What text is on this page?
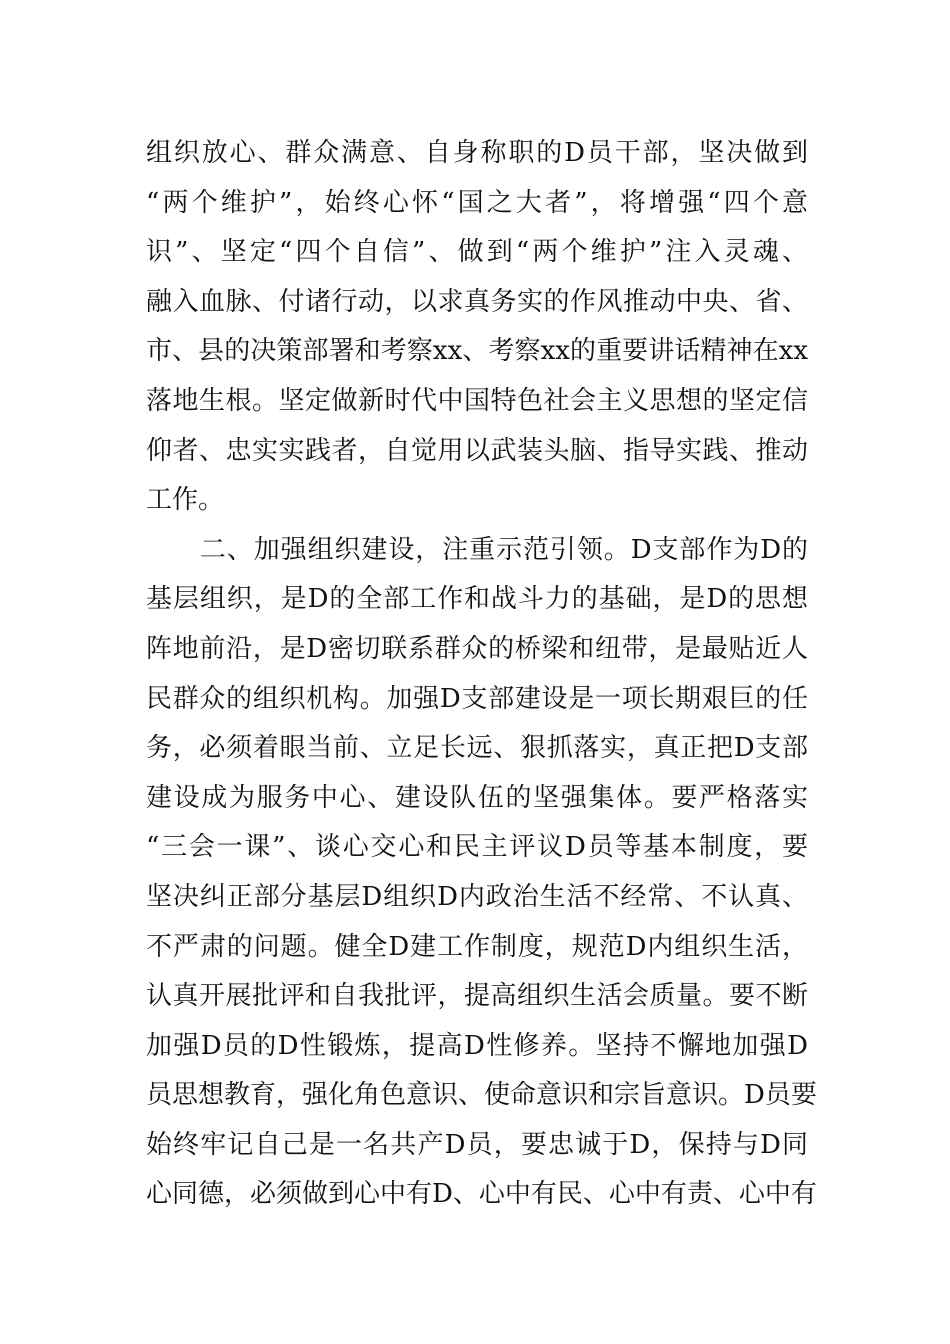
组织放心、群众满意、自身称职的D员干部，坚决做到
“两个维护”，始终心怀“国之大者”，将增强“四个意
识”、坚定“四个自信”、做到“两个维护”注入灵魂、
融入血脉、付诸行动，以求真务实的作风推动中央、省、
市、县的决策部署和考察xx、考察xx的重要讲话精神在xx
落地生根。坚定做新时代中国特色社会主义思想的坚定信
仰者、忠实实践者，自觉用以武装头脑、指导实践、推动
工作。
　　二、加强组织建设，注重示范引领。D支部作为D的
基层组织，是D的全部工作和战斗力的基础，是D的思想
阵地前沿，是D密切联系群众的桥梁和纽带，是最贴近人
民群众的组织机构。加强D支部建设是一项长期艰巨的任
务，必须着眼当前、立足长远、狠抓落实，真正把D支部
建设成为服务中心、建设队伍的坚强集体。要严格落实
“三会一课”、谈心交心和民主评议D员等基本制度，要
坚决纠正部分基层D组织D内政治生活不经常、不认真、
不严肃的问题。健全D建工作制度，规范D内组织生活，
认真开展批评和自我批评，提高组织生活会质量。要不断
加强D员的D性锻炼，提高D性修养。坚持不懈地加强D
员思想教育，强化角色意识、使命意识和宗旨意识。D员要
始终牢记自己是一名共产D员，要忠诚于D，保持与D同
心同德，必须做到心中有D、心中有民、心中有责、心中有
